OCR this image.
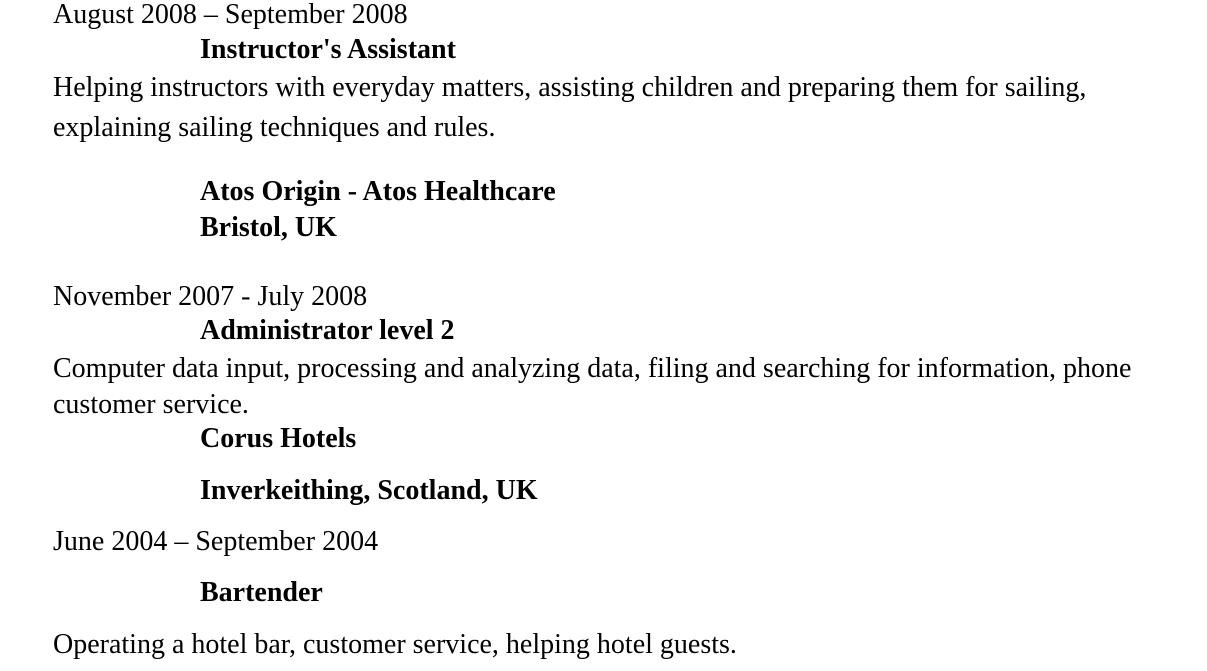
August 2008 – September 2008
Instructor's Assistant
Helping instructors with everyday matters, assisting children and preparing them for sailing, explaining sailing techniques and rules.
Atos Origin - Atos Healthcare
Bristol, UK
November 2007 - July 2008
Administrator level 2
Computer data input, processing and analyzing data, filing and searching for information, phone customer service.
Corus Hotels
Inverkeithing, Scotland, UK
June 2004 – September 2004
Bartender
Operating a hotel bar, customer service, helping hotel guests.
